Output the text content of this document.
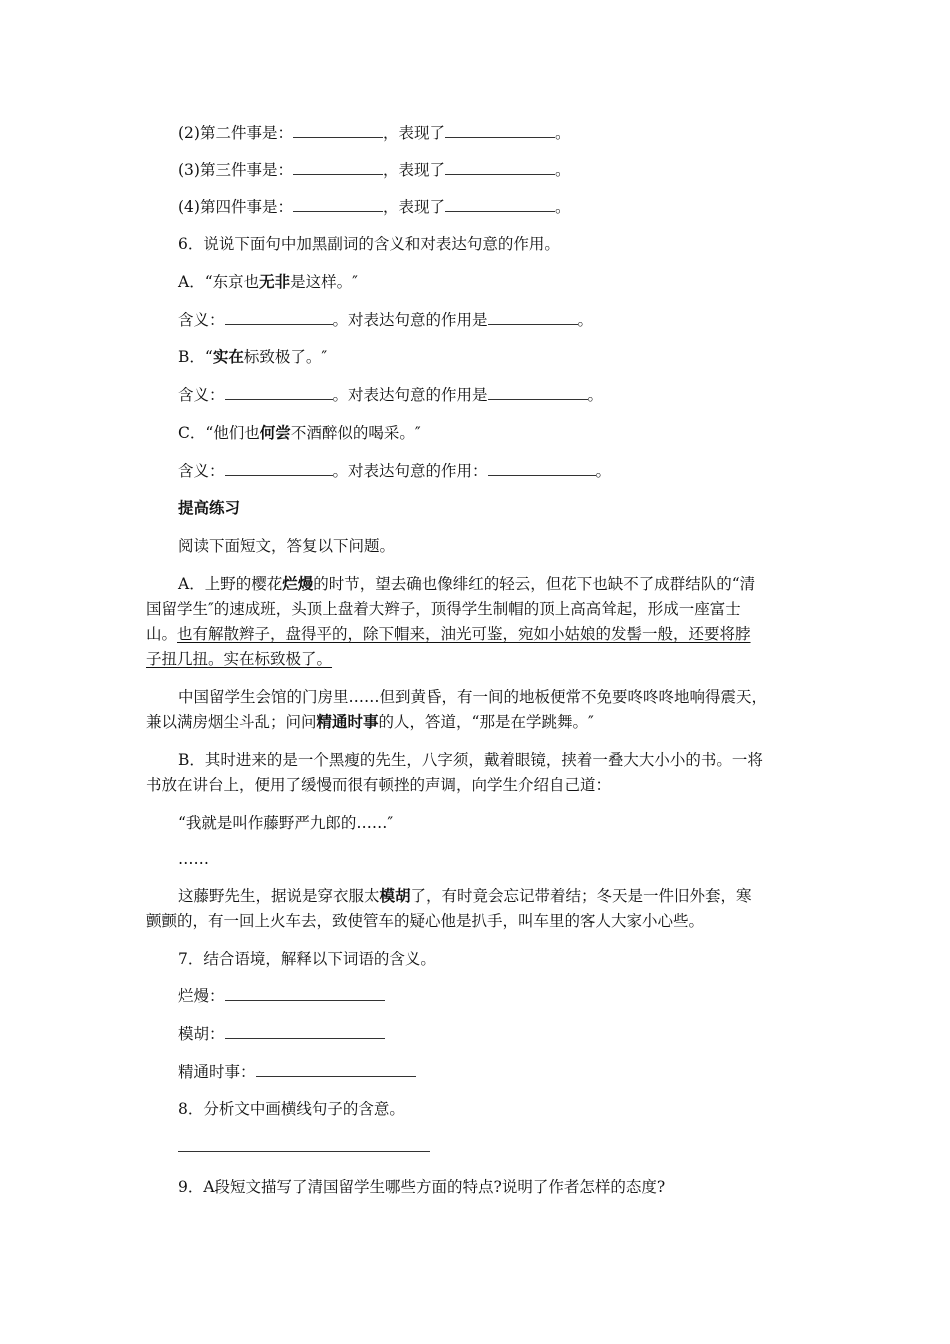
(2)第二件事是：	，表现了	。
(3)第三件事是：	，表现了	。
(4)第四件事是：	，表现了	。
6．说说下面句中加黑副词的含义和对表达句意的作用。
A．“东京也无非是这样。″
含义：	。对表达句意的作用是	。
B．“实在标致极了。″
含义：	。对表达句意的作用是	。
C．“他们也何尝不酒醉似的喝采。″
含义：	。对表达句意的作用：	。
提高练习
阅读下面短文，答复以下问题。
A．上野的樱花烂熳的时节，望去确也像绯红的轻云，但花下也缺不了成群结队的“清
国留学生″的速成班，头顶上盘着大辫子，顶得学生制帽的顶上高高耸起，形成一座富士
山。也有解散辫子，盘得平的，除下帽来，油光可鉴，宛如小姑娘的发髻一般，还要将脖
子扭几扭。实在标致极了。
中国留学生会馆的门房里……但到黄昏，有一间的地板便常不免要咚咚咚地响得震天，
兼以满房烟尘斗乱；问问精通时事的人，答道，“那是在学跳舞。″
B．其时进来的是一个黑瘦的先生，八字须，戴着眼镜，挟着一叠大大小小的书。一将
书放在讲台上，便用了缓慢而很有顿挫的声调，向学生介绍自己道：
“我就是叫作藤野严九郎的……″
……
这藤野先生，据说是穿衣服太模胡了，有时竟会忘记带着结；冬天是一件旧外套，寒
颤颤的，有一回上火车去，致使管车的疑心他是扒手，叫车里的客人大家小心些。
7．结合语境，解释以下词语的含义。
烂熳：
模胡：
精通时事：
8．分析文中画横线句子的含意。
9．A段短文描写了清国留学生哪些方面的特点?说明了作者怎样的态度?
